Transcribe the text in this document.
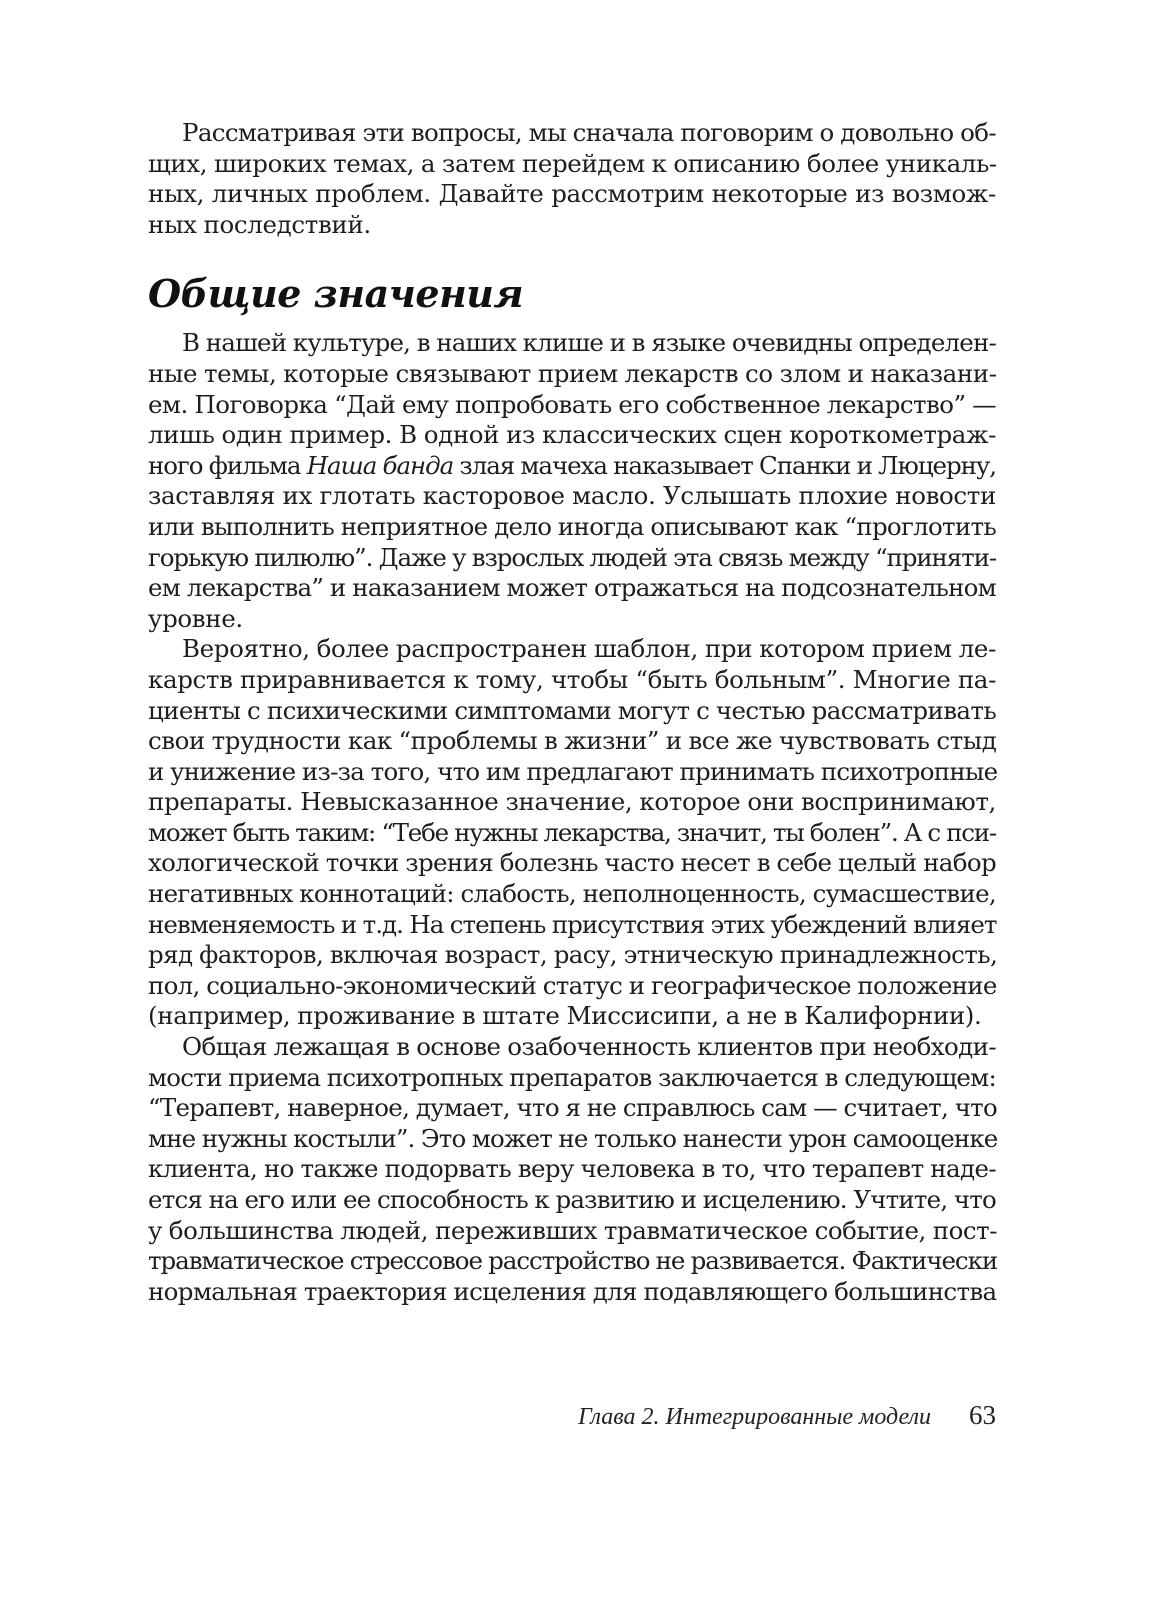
Рассматривая эти вопросы, мы сначала поговорим о довольно об-
щих, широких темах, а затем перейдем к описанию более уникаль-
ных, личных проблем. Давайте рассмотрим некоторые из возмож-
ных последствий.
Общие значения
В нашей культуре, в наших клише и в языке очевидны определен-
ные темы, которые связывают прием лекарств со злом и наказани-
ем. Поговорка “Дай ему попробовать его собственное лекарство” —
лишь один пример. В одной из классических сцен короткометраж-
ного фильма Наша банда злая мачеха наказывает Спанки и Люцерну,
заставляя их глотать касторовое масло. Услышать плохие новости
или выполнить неприятное дело иногда описывают как “проглотить
горькую пилюлю”. Даже у взрослых людей эта связь между “приняти-
ем лекарства” и наказанием может отражаться на подсознательном
уровне.
Вероятно, более распространен шаблон, при котором прием ле-
карств приравнивается к тому, чтобы “быть больным”. Многие па-
циенты с психическими симптомами могут с честью рассматривать
свои трудности как “проблемы в жизни” и все же чувствовать стыд
и унижение из-за того, что им предлагают принимать психотропные
препараты. Невысказанное значение, которое они воспринимают,
может быть таким: “Тебе нужны лекарства, значит, ты болен”. А с пси-
хологической точки зрения болезнь часто несет в себе целый набор
негативных коннотаций: слабость, неполноценность, сумасшествие,
невменяемость и т.д. На степень присутствия этих убеждений влияет
ряд факторов, включая возраст, расу, этническую принадлежность,
пол, социально-экономический статус и географическое положение
(например, проживание в штате Миссисипи, а не в Калифорнии).
Общая лежащая в основе озабоченность клиентов при необходи-
мости приема психотропных препаратов заключается в следующем:
“Терапевт, наверное, думает, что я не справлюсь сам — считает, что
мне нужны костыли”. Это может не только нанести урон самооценке
клиента, но также подорвать веру человека в то, что терапевт наде-
ется на его или ее способность к развитию и исцелению. Учтите, что
у большинства людей, переживших травматическое событие, пост-
травматическое стрессовое расстройство не развивается. Фактически
нормальная траектория исцеления для подавляющего большинства
Глава 2. Интегрированные модели 63
